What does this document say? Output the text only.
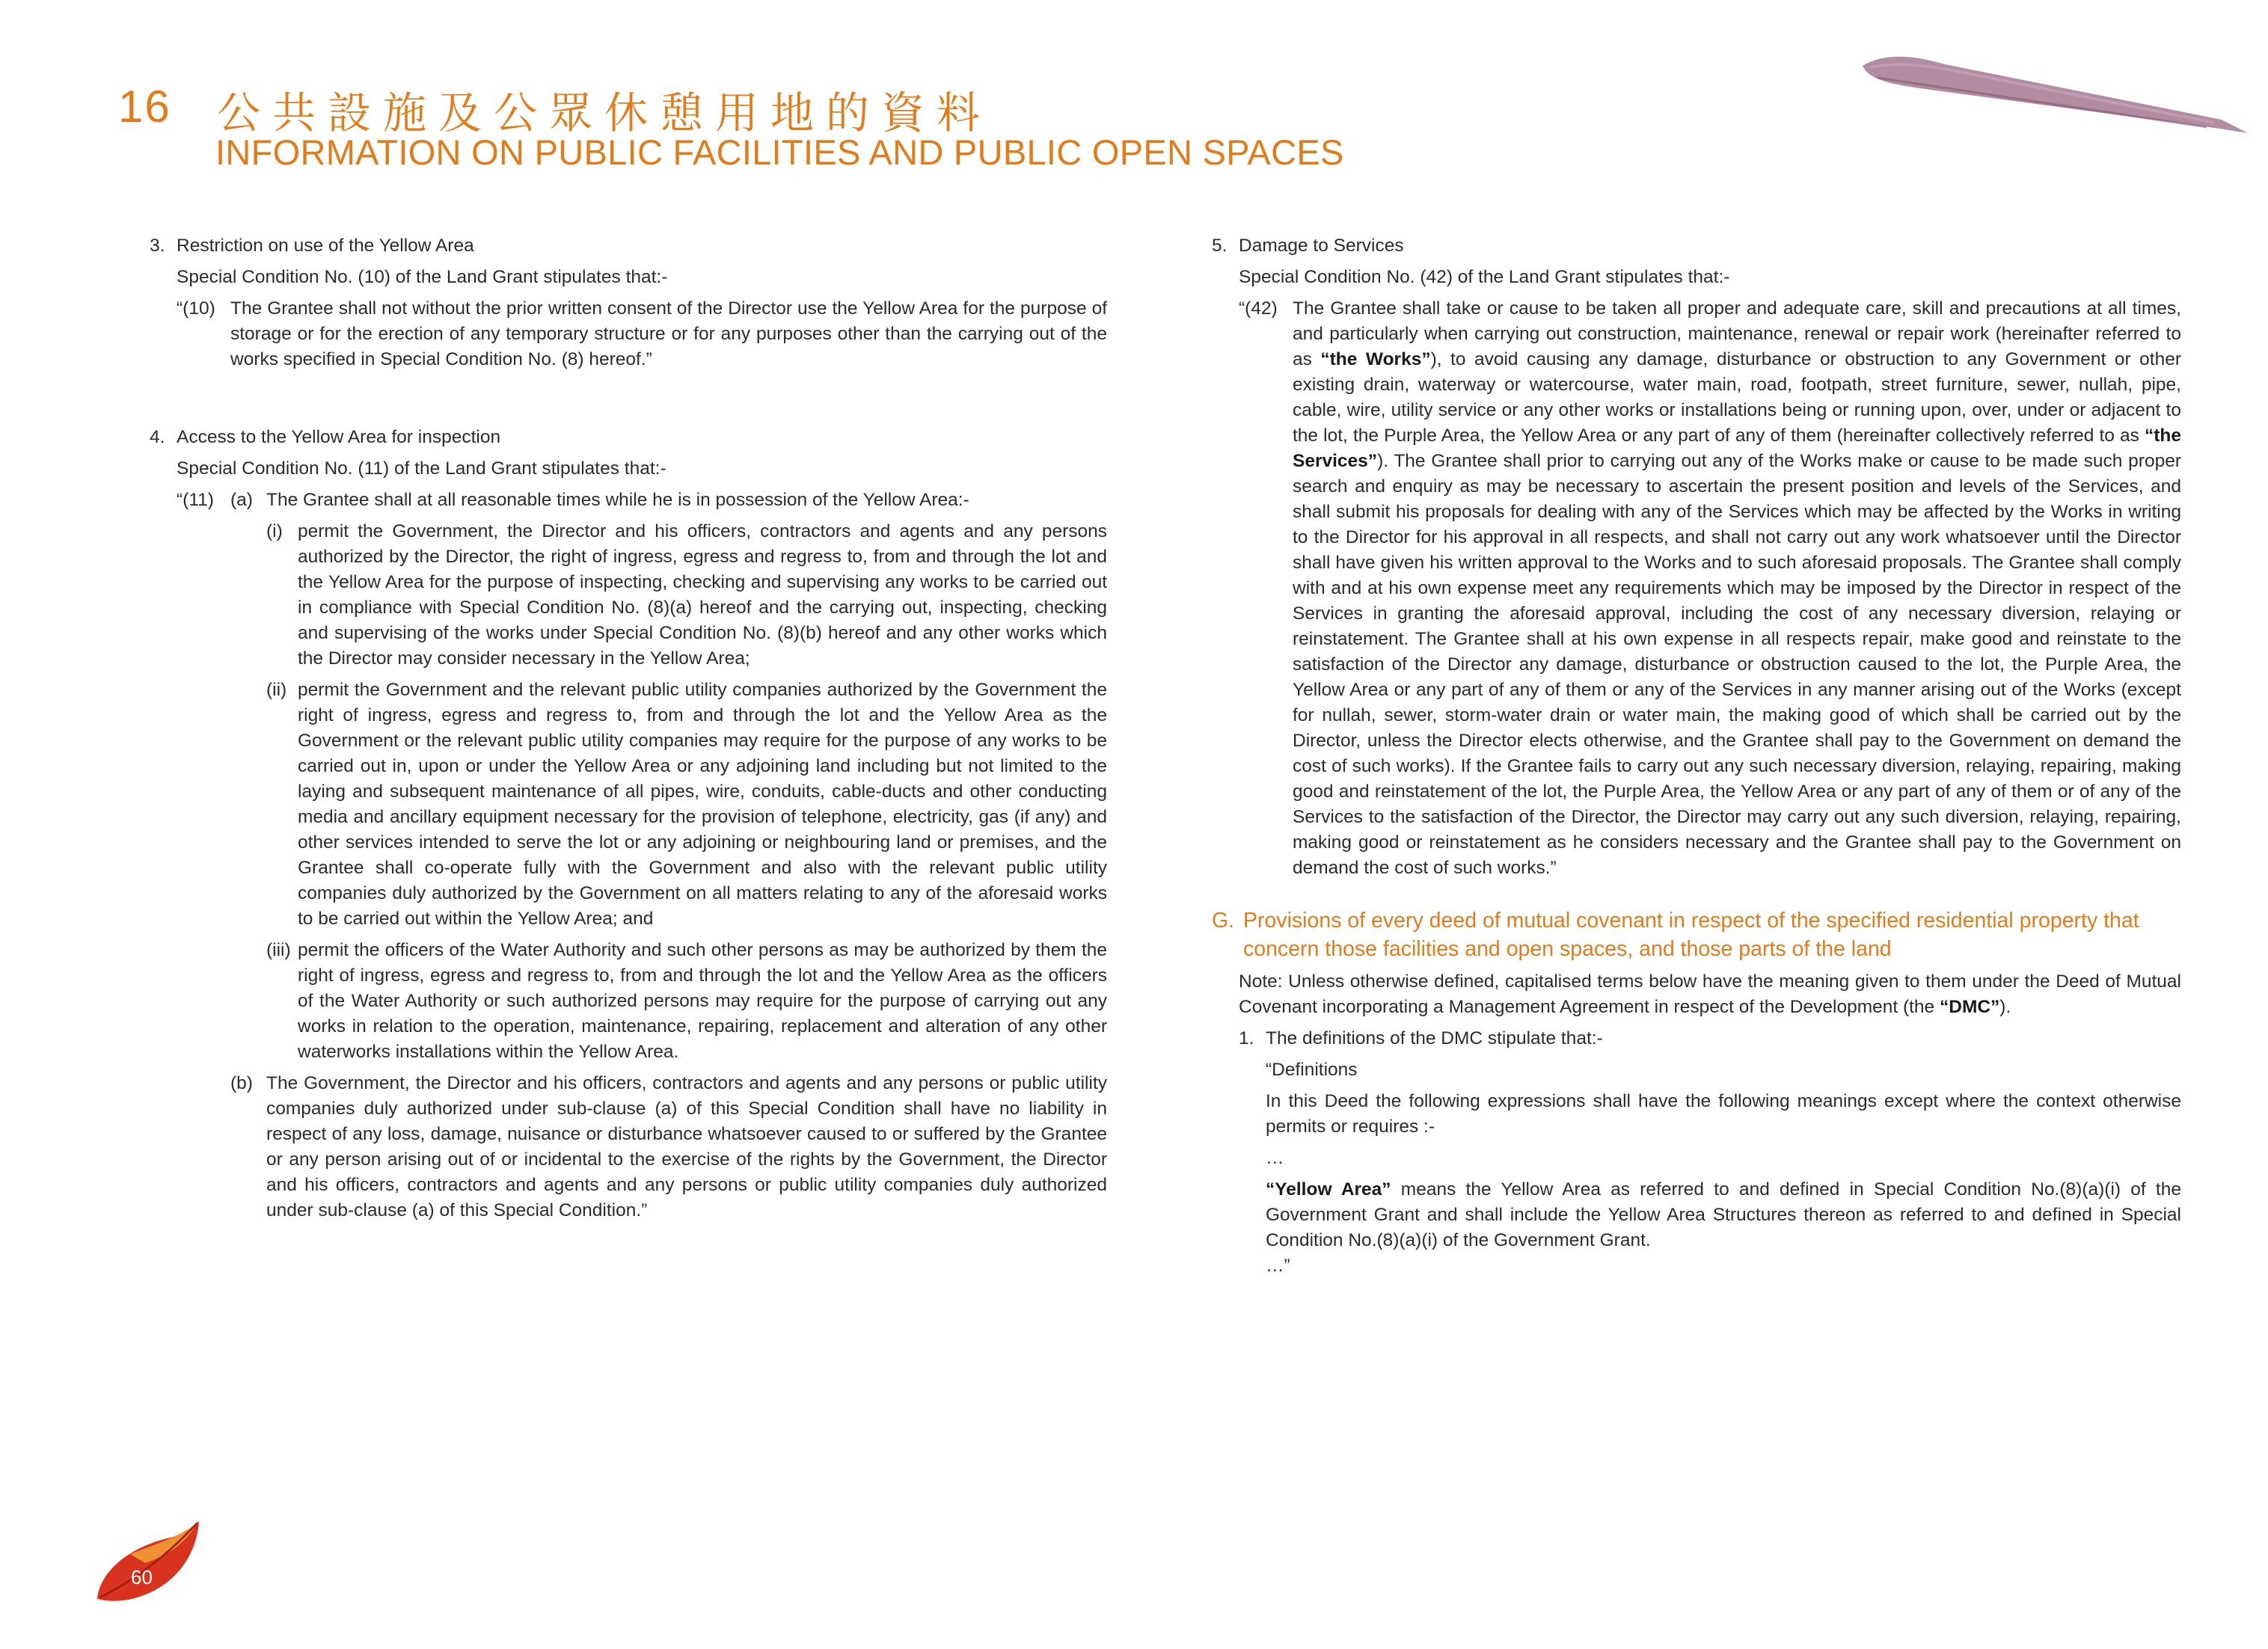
16 公共設施及公眾休憩用地的資料
INFORMATION ON PUBLIC FACILITIES AND PUBLIC OPEN SPACES
3. Restriction on use of the Yellow Area

Special Condition No. (10) of the Land Grant stipulates that:-

“(10) The Grantee shall not without the prior written consent of the Director use the Yellow Area for the purpose of storage or for the erection of any temporary structure or for any purposes other than the carrying out of the works specified in Special Condition No. (8) hereof.”

4. Access to the Yellow Area for inspection

Special Condition No. (11) of the Land Grant stipulates that:-

“(11) (a) The Grantee shall at all reasonable times while he is in possession of the Yellow Area:-

(i) permit the Government, the Director and his officers, contractors and agents and any persons authorized by the Director, the right of ingress, egress and regress to, from and through the lot and the Yellow Area for the purpose of inspecting, checking and supervising any works to be carried out in compliance with Special Condition No. (8)(a) hereof and the carrying out, inspecting, checking and supervising of the works under Special Condition No. (8)(b) hereof and any other works which the Director may consider necessary in the Yellow Area;

(ii) permit the Government and the relevant public utility companies authorized by the Government the right of ingress, egress and regress to, from and through the lot and the Yellow Area as the Government or the relevant public utility companies may require for the purpose of any works to be carried out in, upon or under the Yellow Area or any adjoining land including but not limited to the laying and subsequent maintenance of all pipes, wire, conduits, cable-ducts and other conducting media and ancillary equipment necessary for the provision of telephone, electricity, gas (if any) and other services intended to serve the lot or any adjoining or neighbouring land or premises, and the Grantee shall co-operate fully with the Government and also with the relevant public utility companies duly authorized by the Government on all matters relating to any of the aforesaid works to be carried out within the Yellow Area; and

(iii) permit the officers of the Water Authority and such other persons as may be authorized by them the right of ingress, egress and regress to, from and through the lot and the Yellow Area as the officers of the Water Authority or such authorized persons may require for the purpose of carrying out any works in relation to the operation, maintenance, repairing, replacement and alteration of any other waterworks installations within the Yellow Area.

(b) The Government, the Director and his officers, contractors and agents and any persons or public utility companies duly authorized under sub-clause (a) of this Special Condition shall have no liability in respect of any loss, damage, nuisance or disturbance whatsoever caused to or suffered by the Grantee or any person arising out of or incidental to the exercise of the rights by the Government, the Director and his officers, contractors and agents and any persons or public utility companies duly authorized under sub-clause (a) of this Special Condition.”

5. Damage to Services

Special Condition No. (42) of the Land Grant stipulates that:-

“(42) The Grantee shall take or cause to be taken all proper and adequate care, skill and precautions at all times, and particularly when carrying out construction, maintenance, renewal or repair work (hereinafter referred to as “the Works”), to avoid causing any damage, disturbance or obstruction to any Government or other existing drain, waterway or watercourse, water main, road, footpath, street furniture, sewer, nullah, pipe, cable, wire, utility service or any other works or installations being or running upon, over, under or adjacent to the lot, the Purple Area, the Yellow Area or any part of any of them (hereinafter collectively referred to as “the Services”). The Grantee shall prior to carrying out any of the Works make or cause to be made such proper search and enquiry as may be necessary to ascertain the present position and levels of the Services, and shall submit his proposals for dealing with any of the Services which may be affected by the Works in writing to the Director for his approval in all respects, and shall not carry out any work whatsoever until the Director shall have given his written approval to the Works and to such aforesaid proposals. The Grantee shall comply with and at his own expense meet any requirements which may be imposed by the Director in respect of the Services in granting the aforesaid approval, including the cost of any necessary diversion, relaying or reinstatement. The Grantee shall at his own expense in all respects repair, make good and reinstate to the satisfaction of the Director any damage, disturbance or obstruction caused to the lot, the Purple Area, the Yellow Area or any part of any of them or any of the Services in any manner arising out of the Works (except for nullah, sewer, storm-water drain or water main, the making good of which shall be carried out by the Director, unless the Director elects otherwise, and the Grantee shall pay to the Government on demand the cost of such works). If the Grantee fails to carry out any such necessary diversion, relaying, repairing, making good and reinstatement of the lot, the Purple Area, the Yellow Area or any part of any of them or of any of the Services to the satisfaction of the Director, the Director may carry out any such diversion, relaying, repairing, making good or reinstatement as he considers necessary and the Grantee shall pay to the Government on demand the cost of such works.”

G. Provisions of every deed of mutual covenant in respect of the specified residential property that concern those facilities and open spaces, and those parts of the land

Note: Unless otherwise defined, capitalised terms below have the meaning given to them under the Deed of Mutual Covenant incorporating a Management Agreement in respect of the Development (the “DMC”).

1. The definitions of the DMC stipulate that:-

“Definitions

In this Deed the following expressions shall have the following meanings except where the context otherwise permits or requires :-

…

“Yellow Area” means the Yellow Area as referred to and defined in Special Condition No.(8)(a)(i) of the Government Grant and shall include the Yellow Area Structures thereon as referred to and defined in Special Condition No.(8)(a)(i) of the Government Grant.

…”

60
